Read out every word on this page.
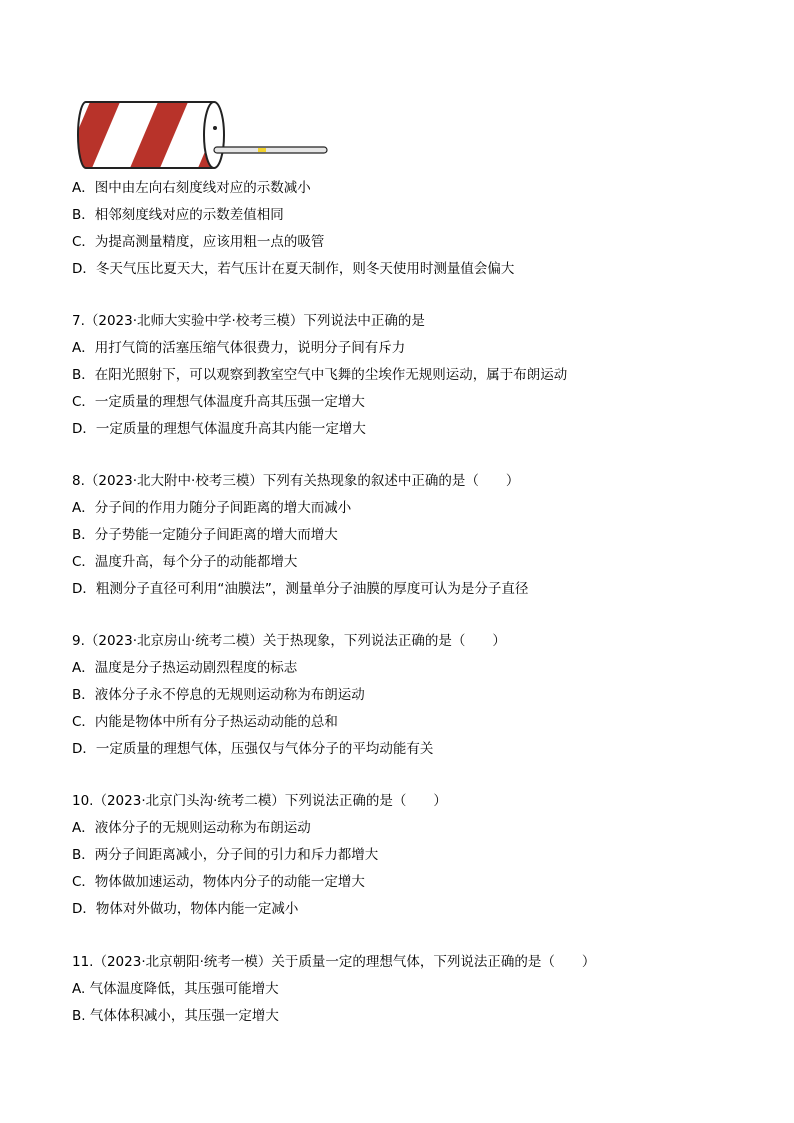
A．图中由左向右刻度线对应的示数减小
B．相邻刻度线对应的示数差值相同
C．为提高测量精度，应该用粗一点的吸管
D．冬天气压比夏天大，若气压计在夏天制作，则冬天使用时测量值会偏大
7.（2023·北师大实验中学·校考三模）下列说法中正确的是
A．用打气筒的活塞压缩气体很费力，说明分子间有斥力
B．在阳光照射下，可以观察到教室空气中飞舞的尘埃作无规则运动，属于布朗运动
C．一定质量的理想气体温度升高其压强一定增大
D．一定质量的理想气体温度升高其内能一定增大
8.（2023·北大附中·校考三模）下列有关热现象的叙述中正确的是（　　）
A．分子间的作用力随分子间距离的增大而减小
B．分子势能一定随分子间距离的增大而增大
C．温度升高，每个分子的动能都增大
D．粗测分子直径可利用“油膜法”，测量单分子油膜的厚度可认为是分子直径
9.（2023·北京房山·统考二模）关于热现象，下列说法正确的是（　　）
A．温度是分子热运动剧烈程度的标志
B．液体分子永不停息的无规则运动称为布朗运动
C．内能是物体中所有分子热运动动能的总和
D．一定质量的理想气体，压强仅与气体分子的平均动能有关
10.（2023·北京门头沟·统考二模）下列说法正确的是（　　）
A．液体分子的无规则运动称为布朗运动
B．两分子间距离减小，分子间的引力和斥力都增大
C．物体做加速运动，物体内分子的动能一定增大
D．物体对外做功，物体内能一定减小
11.（2023·北京朝阳·统考一模）关于质量一定的理想气体，下列说法正确的是（　　）
A. 气体温度降低，其压强可能增大
B. 气体体积减小，其压强一定增大
